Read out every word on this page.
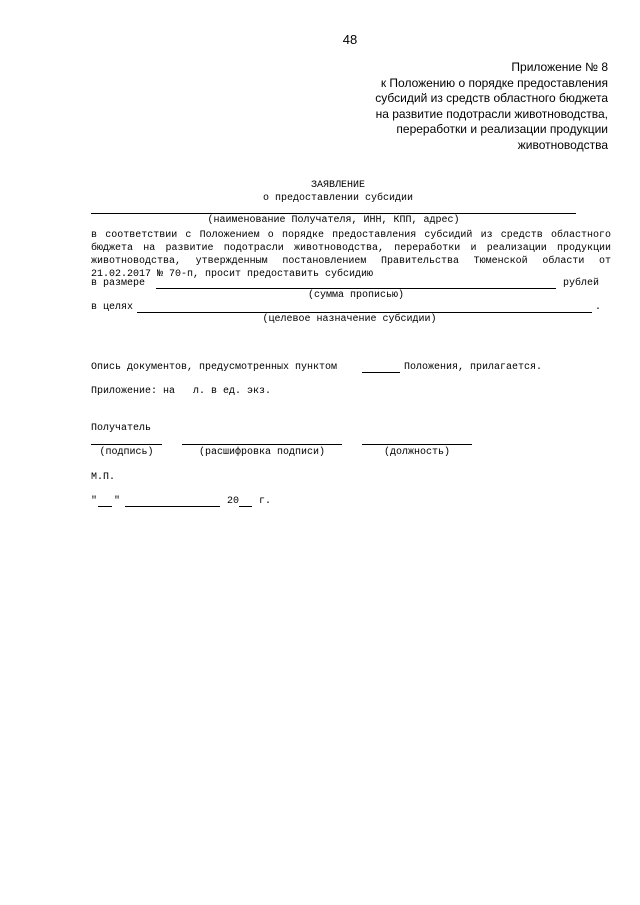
48
Приложение № 8
к Положению о порядке предоставления
субсидий из средств областного бюджета
на развитие подотрасли животноводства,
переработки и реализации продукции
животноводства
ЗАЯВЛЕНИЕ
о предоставлении субсидии
(наименование Получателя, ИНН, КПП, адрес)
в соответствии с Положением о порядке предоставления субсидий из средств областного бюджета на развитие подотрасли животноводства, переработки и реализации продукции животноводства, утвержденным постановлением Правительства Тюменской области от 21.02.2017 № 70-п, просит предоставить субсидию
в размере	рублей
(сумма прописью)
в целях	.
(целевое назначение субсидии)
Опись документов, предусмотренных пунктом	Положения, прилагается.
Приложение: на   л. в ед. экз.
Получатель
(подпись)	(расшифровка подписи)	(должность)
М.П.
" "	20 г.
